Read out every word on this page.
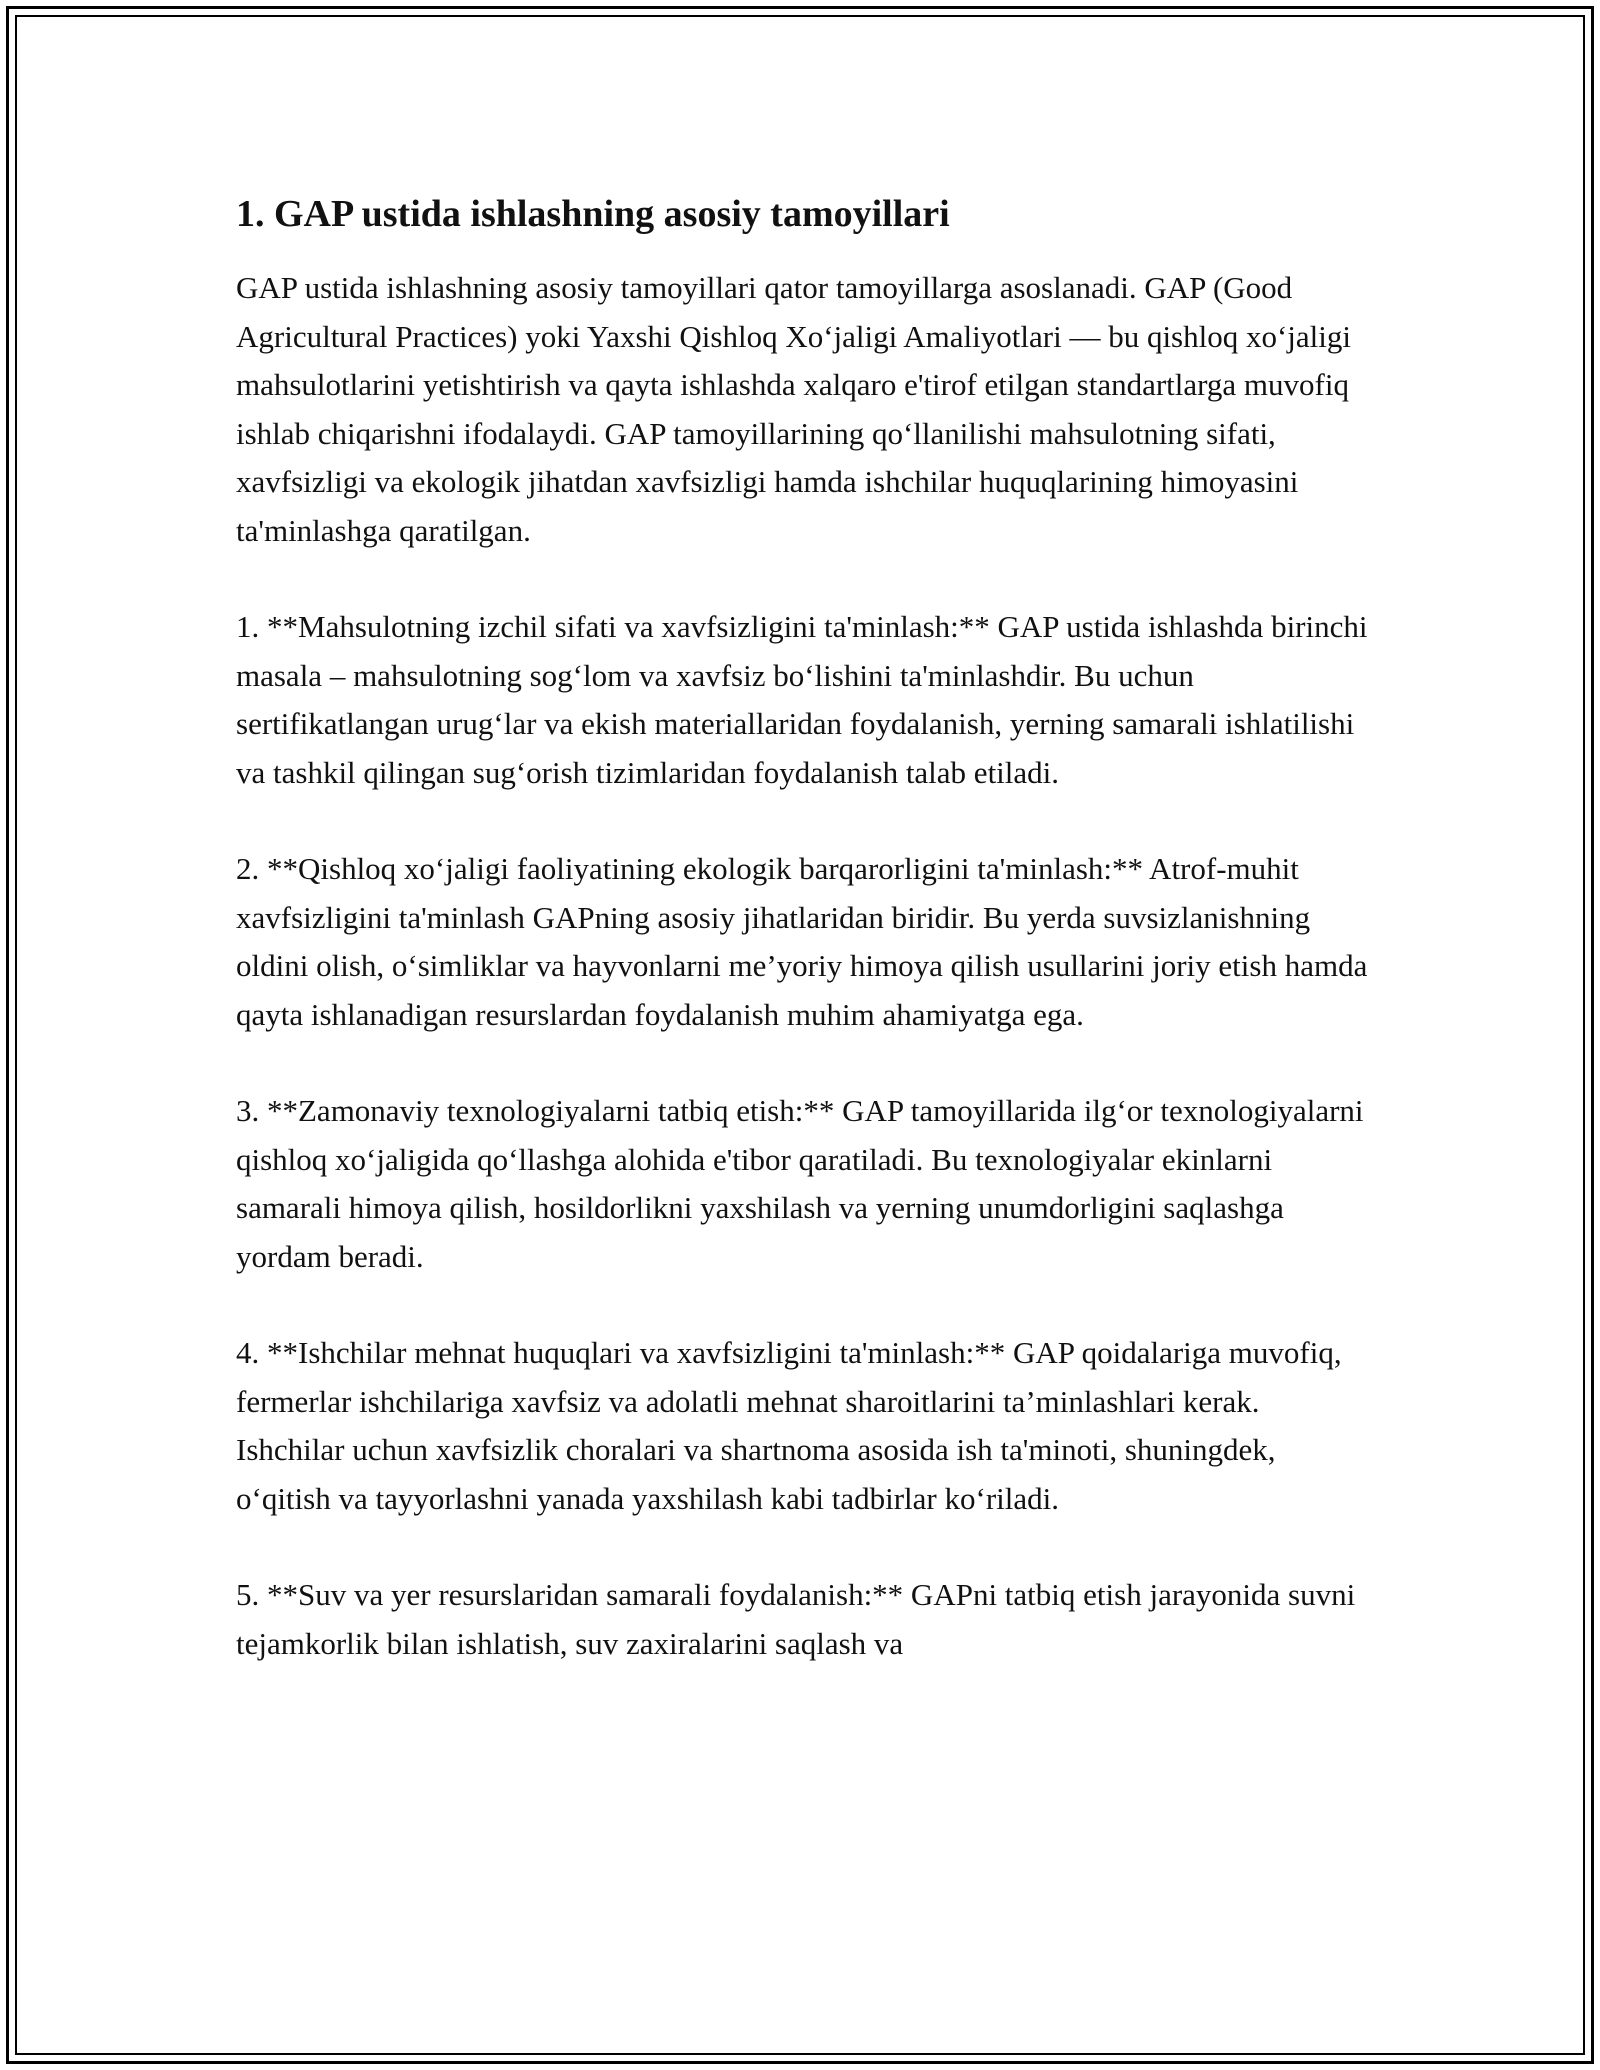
1. GAP ustida ishlashning asosiy tamoyillari

GAP ustida ishlashning asosiy tamoyillari qator tamoyillarga asoslanadi. GAP (Good Agricultural Practices) yoki Yaxshi Qishloq Xo‘jaligi Amaliyotlari — bu qishloq xo‘jaligi mahsulotlarini yetishtirish va qayta ishlashda xalqaro e'tirof etilgan standartlarga muvofiq ishlab chiqarishni ifodalaydi. GAP tamoyillarining qo‘llanilishi mahsulotning sifati, xavfsizligi va ekologik jihatdan xavfsizligi hamda ishchilar huquqlarining himoyasini ta'minlashga qaratilgan.

1. **Mahsulotning izchil sifati va xavfsizligini ta'minlash:** GAP ustida ishlashda birinchi masala – mahsulotning sog‘lom va xavfsiz bo‘lishini ta'minlashdir. Bu uchun sertifikatlangan urug‘lar va ekish materiallaridan foydalanish, yerning samarali ishlatilishi va tashkil qilingan sug‘orish tizimlaridan foydalanish talab etiladi.

2. **Qishloq xo‘jaligi faoliyatining ekologik barqarorligini ta'minlash:** Atrof-muhit xavfsizligini ta'minlash GAPning asosiy jihatlaridan biridir. Bu yerda suvsizlanishning oldini olish, o‘simliklar va hayvonlarni me’yoriy himoya qilish usullarini joriy etish hamda qayta ishlanadigan resurslardan foydalanish muhim ahamiyatga ega.

3. **Zamonaviy texnologiyalarni tatbiq etish:** GAP tamoyillarida ilg‘or texnologiyalarni qishloq xo‘jaligida qo‘llashga alohida e'tibor qaratiladi. Bu texnologiyalar ekinlarni samarali himoya qilish, hosildorlikni yaxshilash va yerning unumdorligini saqlashga yordam beradi.

4. **Ishchilar mehnat huquqlari va xavfsizligini ta'minlash:** GAP qoidalariga muvofiq, fermerlar ishchilariga xavfsiz va adolatli mehnat sharoitlarini ta’minlashlari kerak. Ishchilar uchun xavfsizlik choralari va shartnoma asosida ish ta'minoti, shuningdek, o‘qitish va tayyorlashni yanada yaxshilash kabi tadbirlar ko‘riladi.

5. **Suv va yer resurslaridan samarali foydalanish:** GAPni tatbiq etish jarayonida suvni tejamkorlik bilan ishlatish, suv zaxiralarini saqlash va
